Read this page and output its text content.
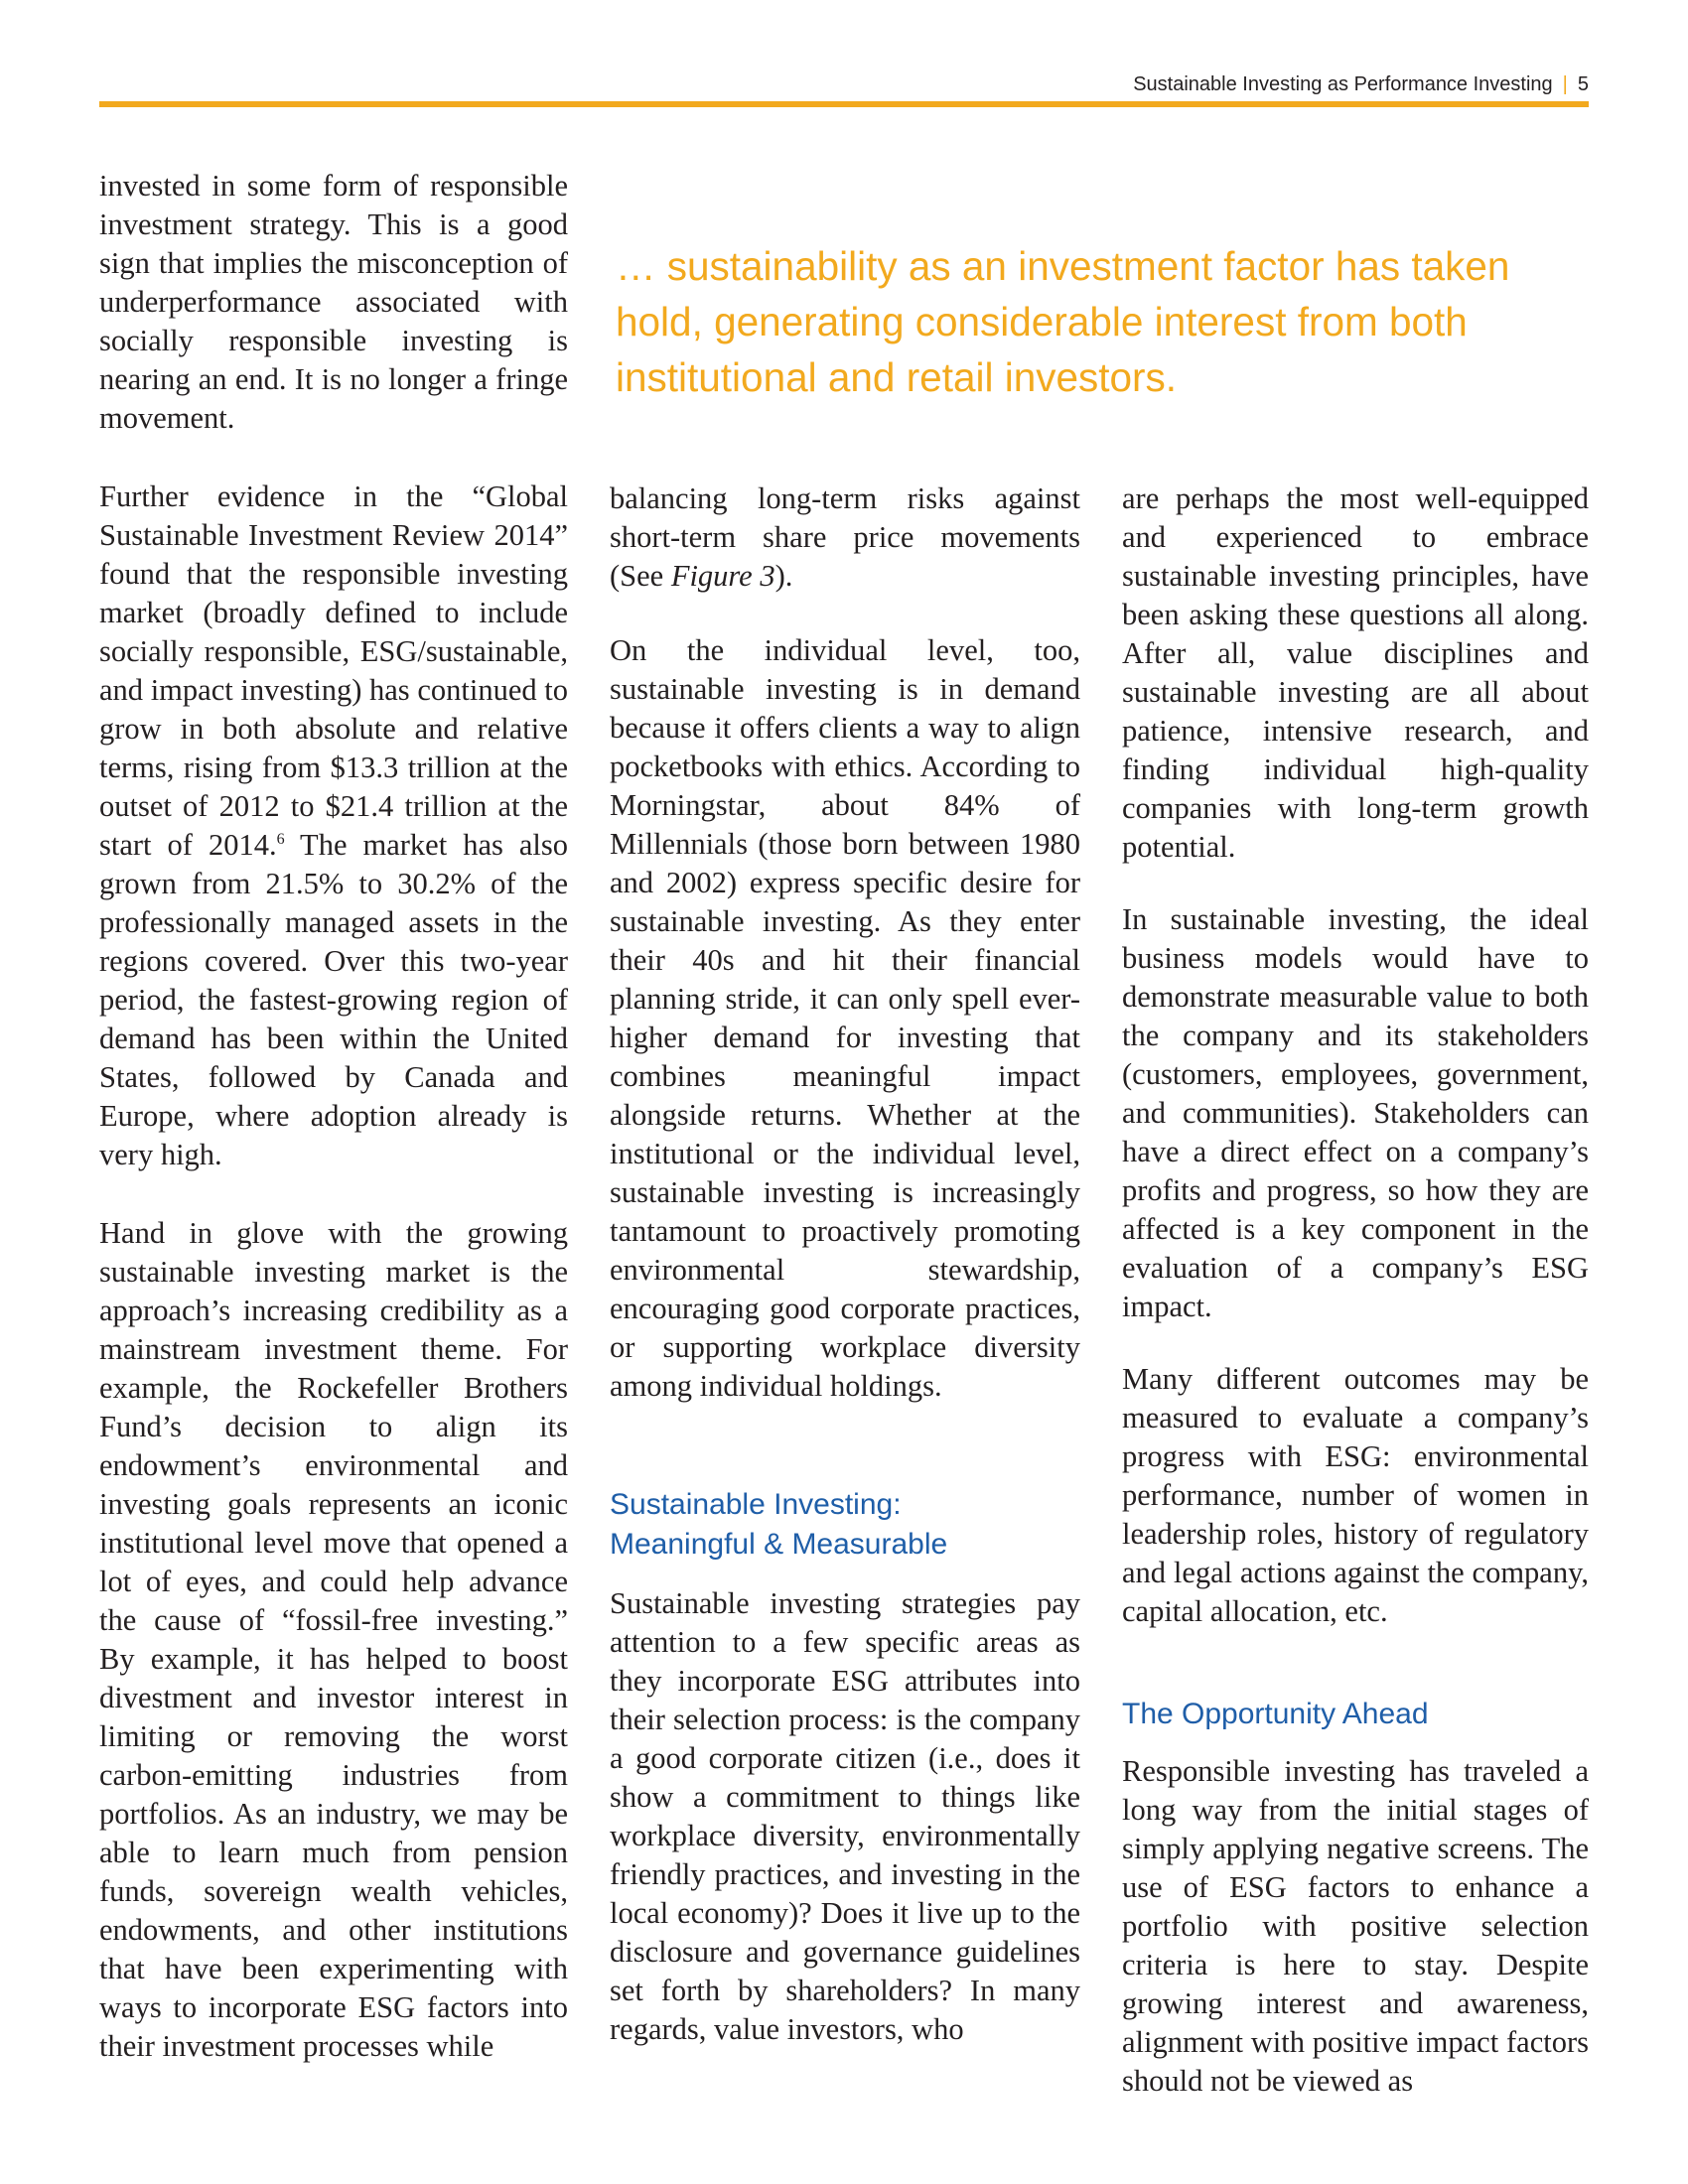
Sustainable Investing as Performance Investing | 5
… sustainability as an investment factor has taken hold, generating considerable interest from both institutional and retail investors.

invested in some form of responsible investment strategy. This is a good sign that implies the misconception of underperformance associated with socially responsible investing is nearing an end. It is no longer a fringe movement.

Further evidence in the “Global Sustainable Investment Review 2014” found that the responsible investing market (broadly defined to include socially responsible, ESG/sustainable, and impact investing) has continued to grow in both absolute and relative terms, rising from $13.3 trillion at the outset of 2012 to $21.4 trillion at the start of 2014.$^6$ The market has also grown from 21.5% to 30.2% of the professionally managed assets in the regions covered. Over this two-year period, the fastest-growing region of demand has been within the United States, followed by Canada and Europe, where adoption already is very high.

Hand in glove with the growing sustainable investing market is the approach’s increasing credibility as a mainstream investment theme. For example, the Rockefeller Brothers Fund’s decision to align its endowment’s environmental and investing goals represents an iconic institutional level move that opened a lot of eyes, and could help advance the cause of “fossil-free investing.” By example, it has helped to boost divestment and investor interest in limiting or removing the worst carbon-emitting industries from portfolios. As an industry, we may be able to learn much from pension funds, sovereign wealth vehicles, endowments, and other institutions that have been experimenting with ways to incorporate ESG factors into their investment processes while

balancing long-term risks against short-term share price movements (See Figure 3).

On the individual level, too, sustainable investing is in demand because it offers clients a way to align pocketbooks with ethics. According to Morningstar, about 84% of Millennials (those born between 1980 and 2002) express specific desire for sustainable investing. As they enter their 40s and hit their financial planning stride, it can only spell ever-higher demand for investing that combines meaningful impact alongside returns. Whether at the institutional or the individual level, sustainable investing is increasingly tantamount to proactively promoting environmental stewardship, encouraging good corporate practices, or supporting workplace diversity among individual holdings.

Sustainable Investing:
Meaningful & Measurable

Sustainable investing strategies pay attention to a few specific areas as they incorporate ESG attributes into their selection process: is the company a good corporate citizen (i.e., does it show a commitment to things like workplace diversity, environmentally friendly practices, and investing in the local economy)? Does it live up to the disclosure and governance guidelines set forth by shareholders? In many regards, value investors, who

are perhaps the most well-equipped and experienced to embrace sustainable investing principles, have been asking these questions all along. After all, value disciplines and sustainable investing are all about patience, intensive research, and finding individual high-quality companies with long-term growth potential.

In sustainable investing, the ideal business models would have to demonstrate measurable value to both the company and its stakeholders (customers, employees, government, and communities). Stakeholders can have a direct effect on a company’s profits and progress, so how they are affected is a key component in the evaluation of a company’s ESG impact.

Many different outcomes may be measured to evaluate a company’s progress with ESG: environmental performance, number of women in leadership roles, history of regulatory and legal actions against the company, capital allocation, etc.

The Opportunity Ahead

Responsible investing has traveled a long way from the initial stages of simply applying negative screens. The use of ESG factors to enhance a portfolio with positive selection criteria is here to stay. Despite growing interest and awareness, alignment with positive impact factors should not be viewed as
